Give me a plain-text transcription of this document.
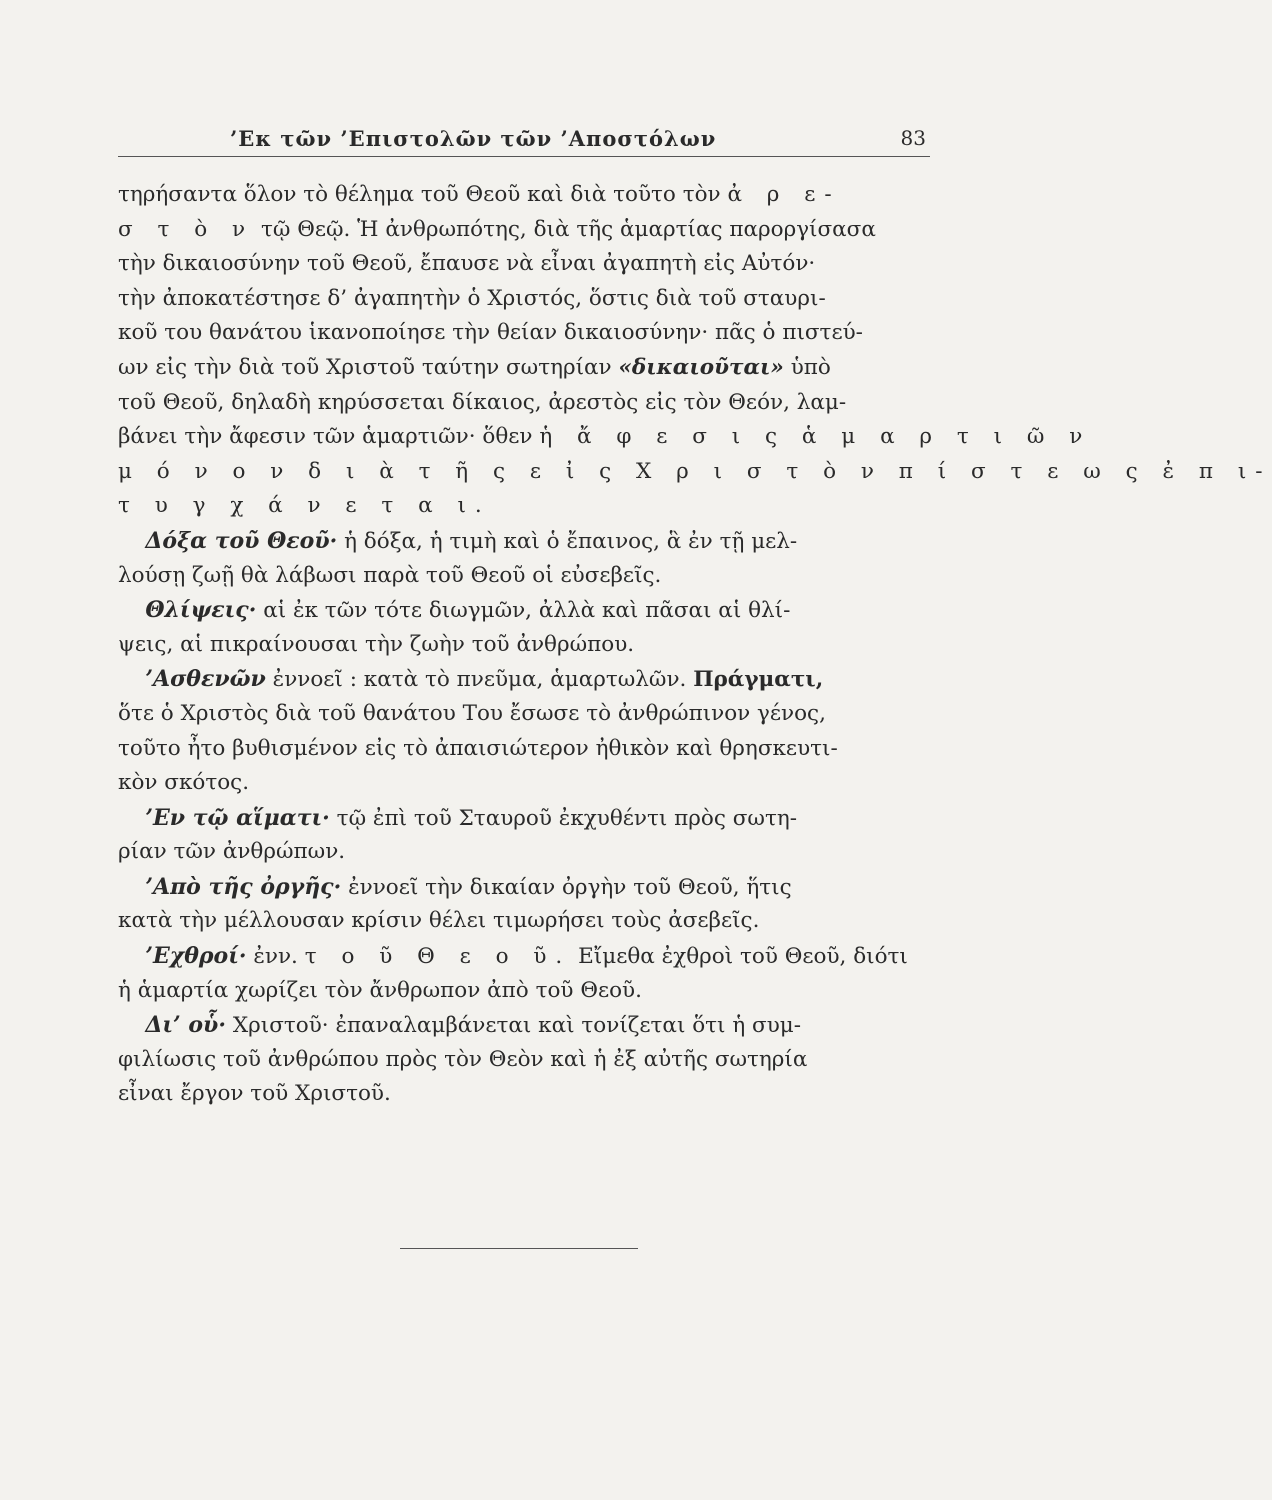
’Εκ τῶν ’Επιστολῶν τῶν ’Αποστόλων	83
τηρήσαντα ὅλον τὸ θέλημα τοῦ Θεοῦ καὶ διὰ τοῦτο τὸν ἀ ρ ε-
σ τ ὸ ν τῷ Θεῷ. Ἡ ἀνθρωπότης, διὰ τῆς ἁμαρτίας παροργίσασα
τὴν δικαιοσύνην τοῦ Θεοῦ, ἔπαυσε νὰ εἶναι ἀγαπητὴ εἰς Αὐτόν·
τὴν ἀποκατέστησε δ’ ἀγαπητὴν ὁ Χριστός, ὅστις διὰ τοῦ σταυρι-
κοῦ του θανάτου ἱκανοποίησε τὴν θείαν δικαιοσύνην· πᾶς ὁ πιστεύ-
ων εἰς τὴν διὰ τοῦ Χριστοῦ ταύτην σωτηρίαν «δικαιοῦται» ὑπὸ
τοῦ Θεοῦ, δηλαδὴ κηρύσσεται δίκαιος, ἀρεστὸς εἰς τὸν Θεόν, λαμ-
βάνει τὴν ἄφεσιν τῶν ἁμαρτιῶν· ὅθεν ἡ ἄ φ ε σ ι ς ἁ μ α ρ τ ι ῶ ν
μ ό ν ο ν δ ι ὰ τ ῆ ς ε ἰ ς Χ ρ ι σ τ ὸ ν π ί σ τ ε ω ς ἐ π ι-
τ υ γ χ ά ν ε τ α ι.
Δόξα τοῦ Θεοῦ· ἡ δόξα, ἡ τιμὴ καὶ ὁ ἔπαινος, ἃ ἐν τῇ μελ-
λούσῃ ζωῇ θὰ λάβωσι παρὰ τοῦ Θεοῦ οἱ εὐσεβεῖς.
Θλίψεις· αἱ ἐκ τῶν τότε διωγμῶν, ἀλλὰ καὶ πᾶσαι αἱ θλί-
ψεις, αἱ πικραίνουσαι τὴν ζωὴν τοῦ ἀνθρώπου.
’Ασθενῶν ἐννοεῖ : κατὰ τὸ πνεῦμα, ἁμαρτωλῶν. Πράγματι,
ὅτε ὁ Χριστὸς διὰ τοῦ θανάτου Του ἔσωσε τὸ ἀνθρώπινον γένος,
τοῦτο ἦτο βυθισμένον εἰς τὸ ἀπαισιώτερον ἠθικὸν καὶ θρησκευτι-
κὸν σκότος.
’Εν τῷ αἵματι· τῷ ἐπὶ τοῦ Σταυροῦ ἐκχυθέντι πρὸς σωτη-
ρίαν τῶν ἀνθρώπων.
’Απὸ τῆς ὀργῆς· ἐννοεῖ τὴν δικαίαν ὀργὴν τοῦ Θεοῦ, ἥτις
κατὰ τὴν μέλλουσαν κρίσιν θέλει τιμωρήσει τοὺς ἀσεβεῖς.
’Εχθροί· ἐνν. τ ο ῦ Θ ε ο ῦ. Εἴμεθα ἐχθροὶ τοῦ Θεοῦ, διότι
ἡ ἁμαρτία χωρίζει τὸν ἄνθρωπον ἀπὸ τοῦ Θεοῦ.
Δι’ οὗ· Χριστοῦ· ἐπαναλαμβάνεται καὶ τονίζεται ὅτι ἡ συμ-
φιλίωσις τοῦ ἀνθρώπου πρὸς τὸν Θεὸν καὶ ἡ ἐξ αὐτῆς σωτηρία
εἶναι ἔργον τοῦ Χριστοῦ.
